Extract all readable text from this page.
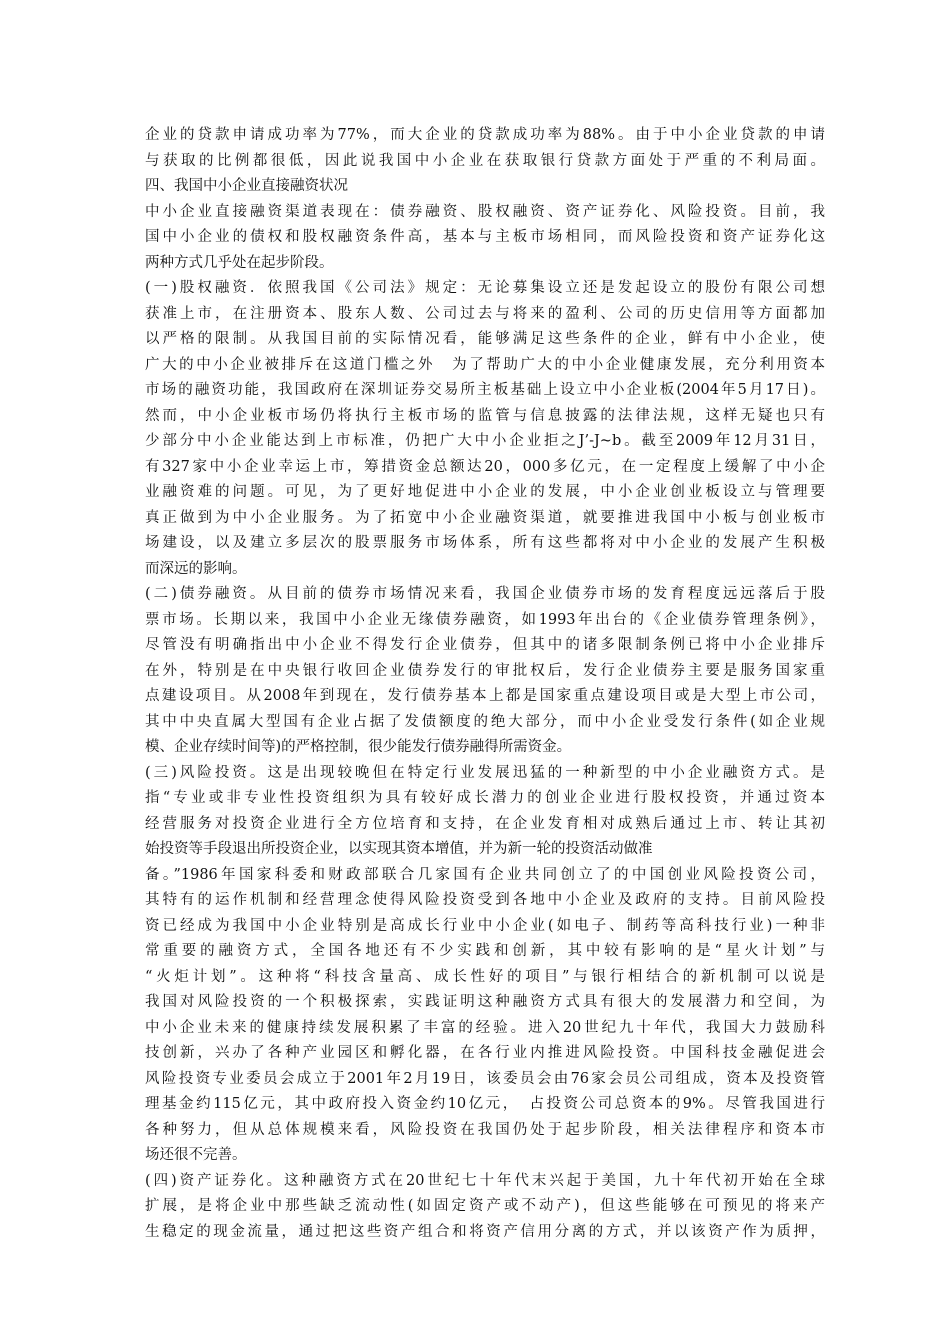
企业的贷款申请成功率为77%，而大企业的贷款成功率为88%。由于中小企业贷款的申请
与获取的比例都很低，因此说我国中小企业在获取银行贷款方面处于严重的不利局面。
四、我国中小企业直接融资状况
中小企业直接融资渠道表现在：债券融资、股权融资、资产证券化、风险投资。目前，我
国中小企业的债权和股权融资条件高，基本与主板市场相同，而风险投资和资产证券化这
两种方式几乎处在起步阶段。
(一)股权融资．依照我国《公司法》规定：无论募集设立还是发起设立的股份有限公司想
获准上市，在注册资本、股东人数、公司过去与将来的盈利、公司的历史信用等方面都加
以严格的限制。从我国目前的实际情况看，能够满足这些条件的企业，鲜有中小企业，使
广大的中小企业被排斥在这道门槛之外　为了帮助广大的中小企业健康发展，充分利用资本
市场的融资功能，我国政府在深圳证券交易所主板基础上设立中小企业板(2004年5月17日)。
然而，中小企业板市场仍将执行主板市场的监管与信息披露的法律法规，这样无疑也只有
少部分中小企业能达到上市标准，仍把广大中小企业拒之J’-J~b。截至2009年12月31日，
有327家中小企业幸运上市，筹措资金总额达20，000多亿元，在一定程度上缓解了中小企
业融资难的问题。可见，为了更好地促进中小企业的发展，中小企业创业板设立与管理要
真正做到为中小企业服务。为了拓宽中小企业融资渠道，就要推进我国中小板与创业板市
场建设，以及建立多层次的股票服务市场体系，所有这些都将对中小企业的发展产生积极
而深远的影响。
(二)债券融资。从目前的债券市场情况来看，我国企业债券市场的发育程度远远落后于股
票市场。长期以来，我国中小企业无缘债券融资，如1993年出台的《企业债券管理条例》，
尽管没有明确指出中小企业不得发行企业债券，但其中的诸多限制条例已将中小企业排斥
在外，特别是在中央银行收回企业债券发行的审批权后，发行企业债券主要是服务国家重
点建设项目。从2008年到现在，发行债券基本上都是国家重点建设项目或是大型上市公司，
其中中央直属大型国有企业占据了发债额度的绝大部分，而中小企业受发行条件(如企业规
模、企业存续时间等)的严格控制，很少能发行债券融得所需资金。
(三)风险投资。这是出现较晚但在特定行业发展迅猛的一种新型的中小企业融资方式。是
指“专业或非专业性投资组织为具有较好成长潜力的创业企业进行股权投资，并通过资本
经营服务对投资企业进行全方位培育和支持，在企业发育相对成熟后通过上市、转让其初
始投资等手段退出所投资企业，以实现其资本增值，并为新一轮的投资活动做准
备。”1986年国家科委和财政部联合几家国有企业共同创立了的中国创业风险投资公司，
其特有的运作机制和经营理念使得风险投资受到各地中小企业及政府的支持。目前风险投
资已经成为我国中小企业特别是高成长行业中小企业(如电子、制药等高科技行业)一种非
常重要的融资方式，全国各地还有不少实践和创新，其中较有影响的是“星火计划”与
“火炬计划”。这种将“科技含量高、成长性好的项目”与银行相结合的新机制可以说是
我国对风险投资的一个积极探索，实践证明这种融资方式具有很大的发展潜力和空间，为
中小企业未来的健康持续发展积累了丰富的经验。进入20世纪九十年代，我国大力鼓励科
技创新，兴办了各种产业园区和孵化器，在各行业内推进风险投资。中国科技金融促进会
风险投资专业委员会成立于2001年2月19日，该委员会由76家会员公司组成，资本及投资管
理基金约115亿元，其中政府投入资金约10亿元，　占投资公司总资本的9%。尽管我国进行
各种努力，但从总体规模来看，风险投资在我国仍处于起步阶段，相关法律程序和资本市
场还很不完善。
(四)资产证券化。这种融资方式在20世纪七十年代末兴起于美国，九十年代初开始在全球
扩展，是将企业中那些缺乏流动性(如固定资产或不动产)，但这些能够在可预见的将来产
生稳定的现金流量，通过把这些资产组合和将资产信用分离的方式，并以该资产作为质押，
